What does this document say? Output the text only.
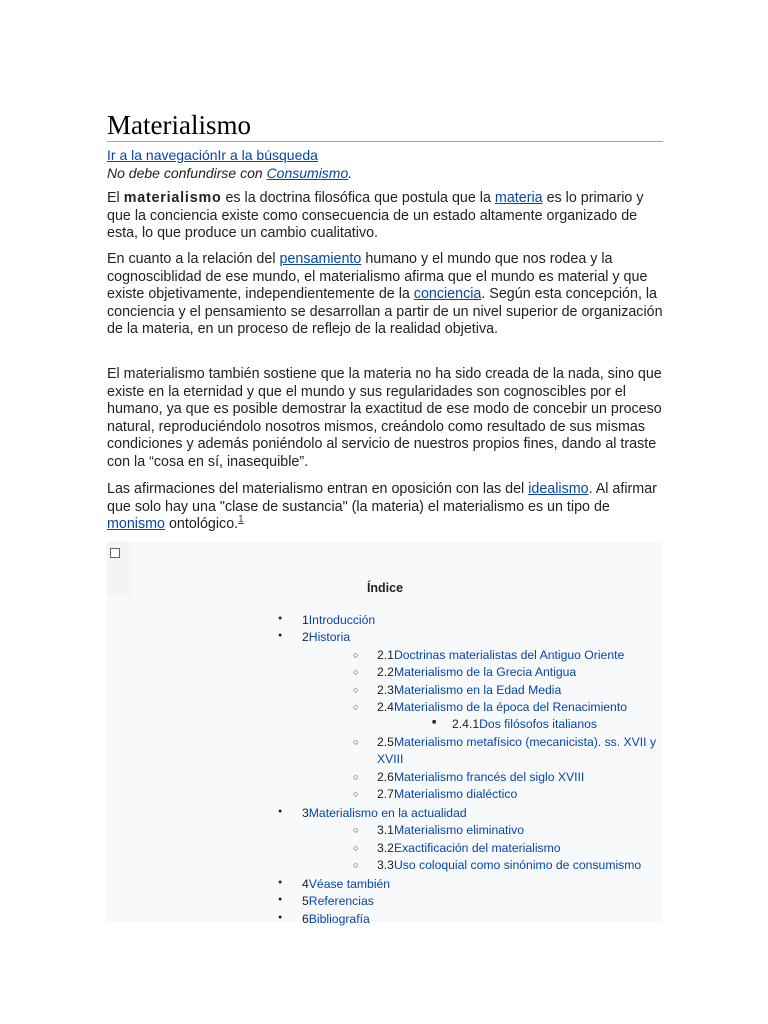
Materialismo
Ir a la navegaciónIr a la búsqueda
No debe confundirse con Consumismo.

El materialismo es la doctrina filosófica que postula que la materia es lo primario y que la conciencia existe como consecuencia de un estado altamente organizado de esta, lo que produce un cambio cualitativo.

En cuanto a la relación del pensamiento humano y el mundo que nos rodea y la cognosciblidad de ese mundo, el materialismo afirma que el mundo es material y que existe objetivamente, independientemente de la conciencia. Según esta concepción, la conciencia y el pensamiento se desarrollan a partir de un nivel superior de organización de la materia, en un proceso de reflejo de la realidad objetiva.

El materialismo también sostiene que la materia no ha sido creada de la nada, sino que existe en la eternidad y que el mundo y sus regularidades son cognoscibles por el humano, ya que es posible demostrar la exactitud de ese modo de concebir un proceso natural, reproduciéndolo nosotros mismos, creándolo como resultado de sus mismas condiciones y además poniéndolo al servicio de nuestros propios fines, dando al traste con la “cosa en sí, inasequible”.

Las afirmaciones del materialismo entran en oposición con las del idealismo. Al afirmar que solo hay una "clase de sustancia" (la materia) el materialismo es un tipo de monismo ontológico.$^1$

Índice
● 1Introducción
● 2Historia
○ 2.1Doctrinas materialistas del Antiguo Oriente
○ 2.2Materialismo de la Grecia Antigua
○ 2.3Materialismo en la Edad Media
○ 2.4Materialismo de la época del Renacimiento
■ 2.4.1Dos filósofos italianos
○ 2.5Materialismo metafísico (mecanicista). ss. XVII y XVIII
○ 2.6Materialismo francés del siglo XVIII
○ 2.7Materialismo dialéctico
● 3Materialismo en la actualidad
○ 3.1Materialismo eliminativo
○ 3.2Exactificación del materialismo
○ 3.3Uso coloquial como sinónimo de consumismo
● 4Véase también
● 5Referencias
● 6Bibliografía
